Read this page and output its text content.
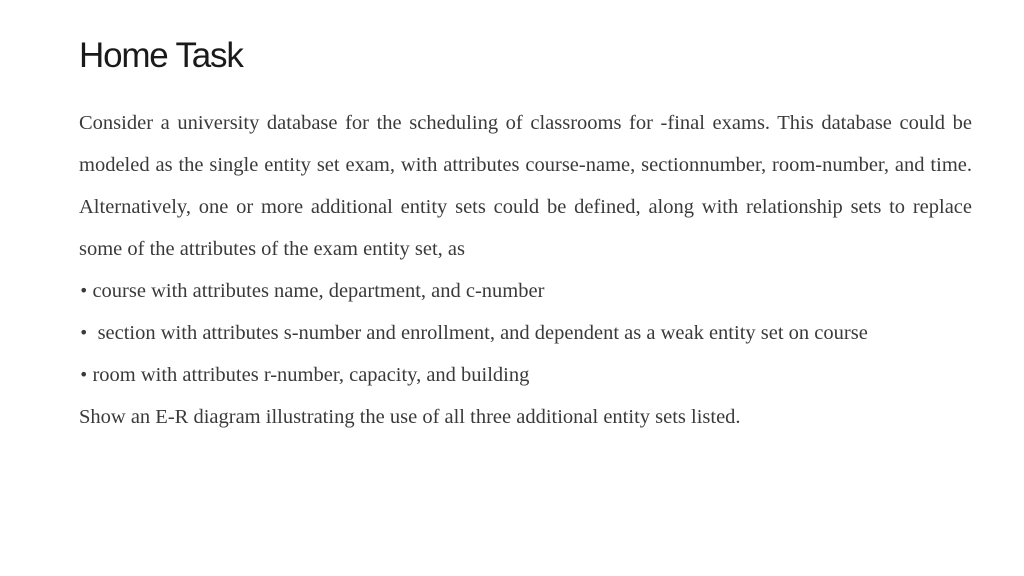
Home Task

Consider a university database for the scheduling of classrooms for -final exams. This database could be modeled as the single entity set exam, with attributes course-name, sectionnumber, room-number, and time. Alternatively, one or more additional entity sets could be defined, along with relationship sets to replace some of the attributes of the exam entity set, as

• course with attributes name, department, and c-number

• section with attributes s-number and enrollment, and dependent as a weak entity set on course

• room with attributes r-number, capacity, and building

Show an E-R diagram illustrating the use of all three additional entity sets listed.
